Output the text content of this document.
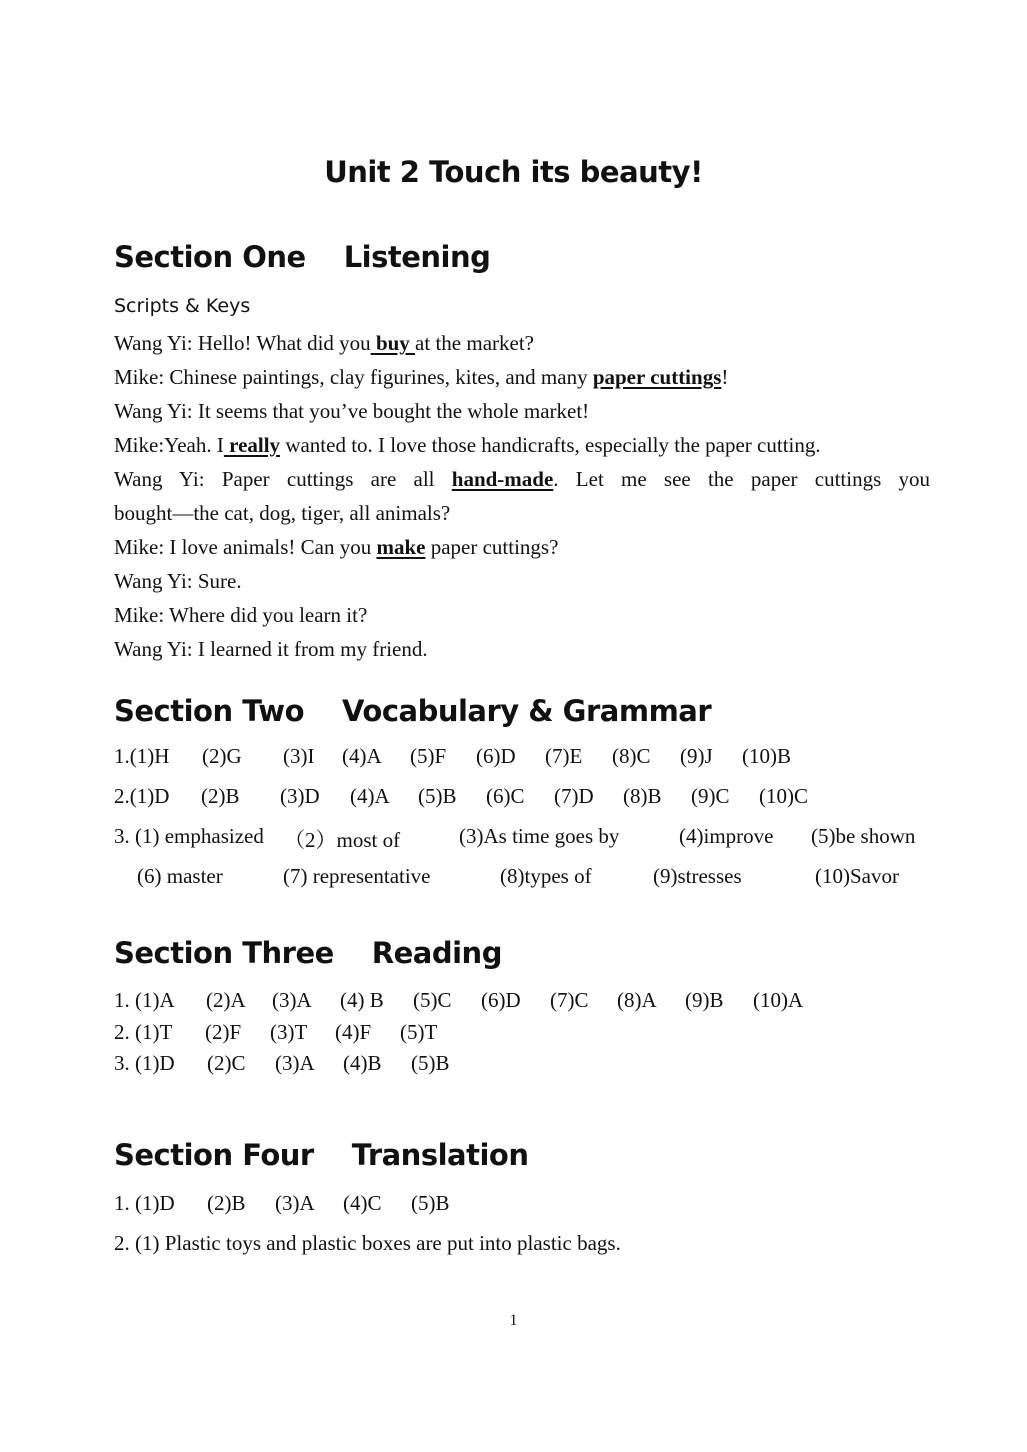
Unit 2 Touch its beauty!
Section One Listening
Scripts & Keys
Wang Yi: Hello! What did you buy at the market?
Mike: Chinese paintings, clay figurines, kites, and many paper cuttings!
Wang Yi: It seems that you’ve bought the whole market!
Mike:Yeah. I really wanted to. I love those handicrafts, especially the paper cutting.
Wang Yi: Paper cuttings are all hand-made. Let me see the paper cuttings you
bought—the cat, dog, tiger, all animals?
Mike: I love animals! Can you make paper cuttings?
Wang Yi: Sure.
Mike: Where did you learn it?
Wang Yi: I learned it from my friend.
Section Two Vocabulary & Grammar
1.(1)H	(2)G	(3)I	(4)A	(5)F	(6)D	(7)E	(8)C	(9)J	(10)B
2.(1)D	(2)B	(3)D	(4)A	(5)B	(6)C	(7)D	(8)B	(9)C	(10)C
3. (1) emphasized （2）most of	(3)As time goes by	(4)improve	(5)be shown
(6) master	(7) representative	(8)types of	(9)stresses	(10)Savor
Section Three Reading
1. (1)A	(2)A	(3)A	(4) B	(5)C	(6)D	(7)C	(8)A	(9)B	(10)A
2. (1)T	(2)F	(3)T	(4)F	(5)T
3. (1)D	(2)C	(3)A	(4)B	(5)B
Section Four Translation
1. (1)D	(2)B	(3)A	(4)C	(5)B
2. (1) Plastic toys and plastic boxes are put into plastic bags.
1
